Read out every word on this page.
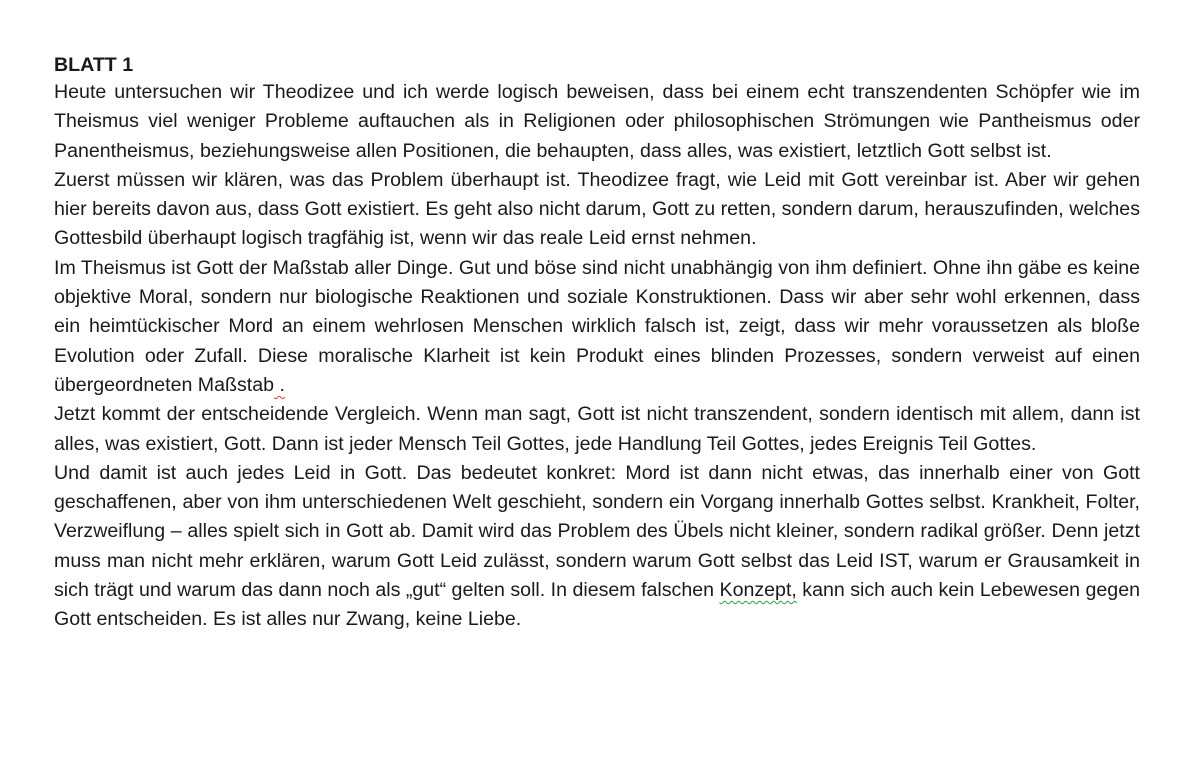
BLATT 1

Heute untersuchen wir Theodizee und ich werde logisch beweisen, dass bei einem echt transzendenten Schöpfer wie im Theismus viel weniger Probleme auftauchen als in Religionen oder philosophischen Strömungen wie Pantheismus oder Panentheismus, beziehungsweise allen Positionen, die behaupten, dass alles, was existiert, letztlich Gott selbst ist.

Zuerst müssen wir klären, was das Problem überhaupt ist. Theodizee fragt, wie Leid mit Gott vereinbar ist. Aber wir gehen hier bereits davon aus, dass Gott existiert. Es geht also nicht darum, Gott zu retten, sondern darum, herauszufinden, welches Gottesbild überhaupt logisch tragfähig ist, wenn wir das reale Leid ernst nehmen.

Im Theismus ist Gott der Maßstab aller Dinge. Gut und böse sind nicht unabhängig von ihm definiert. Ohne ihn gäbe es keine objektive Moral, sondern nur biologische Reaktionen und soziale Konstruktionen. Dass wir aber sehr wohl erkennen, dass ein heimtückischer Mord an einem wehrlosen Menschen wirklich falsch ist, zeigt, dass wir mehr voraussetzen als bloße Evolution oder Zufall. Diese moralische Klarheit ist kein Produkt eines blinden Prozesses, sondern verweist auf einen übergeordneten Maßstab .

Jetzt kommt der entscheidende Vergleich. Wenn man sagt, Gott ist nicht transzendent, sondern identisch mit allem, dann ist alles, was existiert, Gott. Dann ist jeder Mensch Teil Gottes, jede Handlung Teil Gottes, jedes Ereignis Teil Gottes.

Und damit ist auch jedes Leid in Gott. Das bedeutet konkret: Mord ist dann nicht etwas, das innerhalb einer von Gott geschaffenen, aber von ihm unterschiedenen Welt geschieht, sondern ein Vorgang innerhalb Gottes selbst. Krankheit, Folter, Verzweiflung – alles spielt sich in Gott ab. Damit wird das Problem des Übels nicht kleiner, sondern radikal größer. Denn jetzt muss man nicht mehr erklären, warum Gott Leid zulässt, sondern warum Gott selbst das Leid IST, warum er Grausamkeit in sich trägt und warum das dann noch als „gut“ gelten soll. In diesem falschen Konzept, kann sich auch kein Lebewesen gegen Gott entscheiden. Es ist alles nur Zwang, keine Liebe.
